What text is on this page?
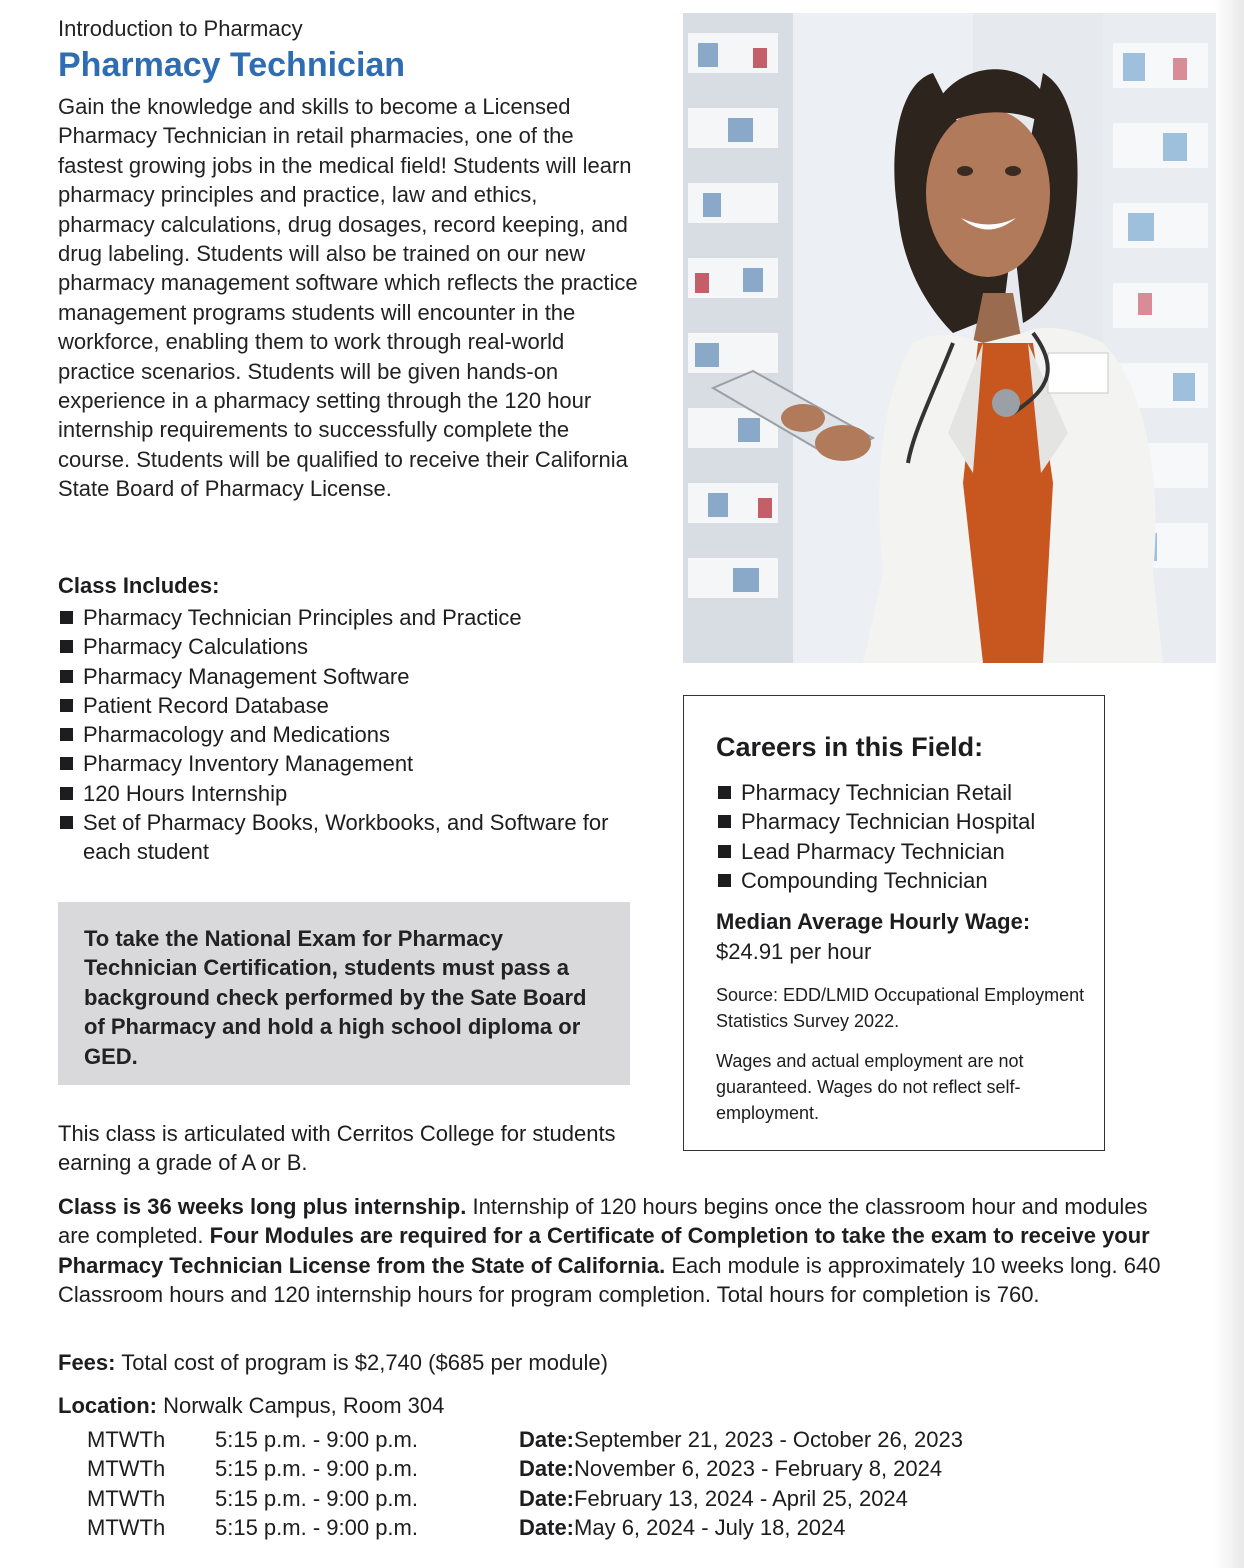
Introduction to Pharmacy
Pharmacy Technician
Gain the knowledge and skills to become a Licensed Pharmacy Technician in retail pharmacies, one of the fastest growing jobs in the medical field! Students will learn pharmacy principles and practice, law and ethics, pharmacy calculations, drug dosages, record keeping, and drug labeling. Students will also be trained on our new pharmacy management software which reflects the practice management programs students will encounter in the workforce, enabling them to work through real-world practice scenarios. Students will be given hands-on experience in a pharmacy setting through the 120 hour internship requirements to successfully complete the course. Students will be qualified to receive their California State Board of Pharmacy License.
Class Includes:
Pharmacy Technician Principles and Practice
Pharmacy Calculations
Pharmacy Management Software
Patient Record Database
Pharmacology and Medications
Pharmacy Inventory Management
120 Hours Internship
Set of Pharmacy Books, Workbooks, and Software for each student

To take the National Exam for Pharmacy Technician Certification, students must pass a background check performed by the Sate Board of Pharmacy and hold a high school diploma or GED.

Careers in this Field:
Pharmacy Technician Retail
Pharmacy Technician Hospital
Lead Pharmacy Technician
Compounding Technician
Median Average Hourly Wage:
$24.91 per hour
Source: EDD/LMID Occupational Employment Statistics Survey 2022.
Wages and actual employment are not guaranteed. Wages do not reflect self-employment.
This class is articulated with Cerritos College for students earning a grade of A or B.
Class is 36 weeks long plus internship. Internship of 120 hours begins once the classroom hour and modules are completed. Four Modules are required for a Certificate of Completion to take the exam to receive your Pharmacy Technician License from the State of California. Each module is approximately 10 weeks long. 640 Classroom hours and 120 internship hours for program completion. Total hours for completion is 760.
Fees: Total cost of program is $2,740 ($685 per module)
Location: Norwalk Campus, Room 304
MTWTh 5:15 p.m. - 9:00 p.m.	Date: September 21, 2023 - October 26, 2023
MTWTh 5:15 p.m. - 9:00 p.m.	Date: November 6, 2023 - February 8, 2024
MTWTh 5:15 p.m. - 9:00 p.m.	Date: February 13, 2024 - April 25, 2024
MTWTh 5:15 p.m. - 9:00 p.m.	Date: May 6, 2024 - July 18, 2024
